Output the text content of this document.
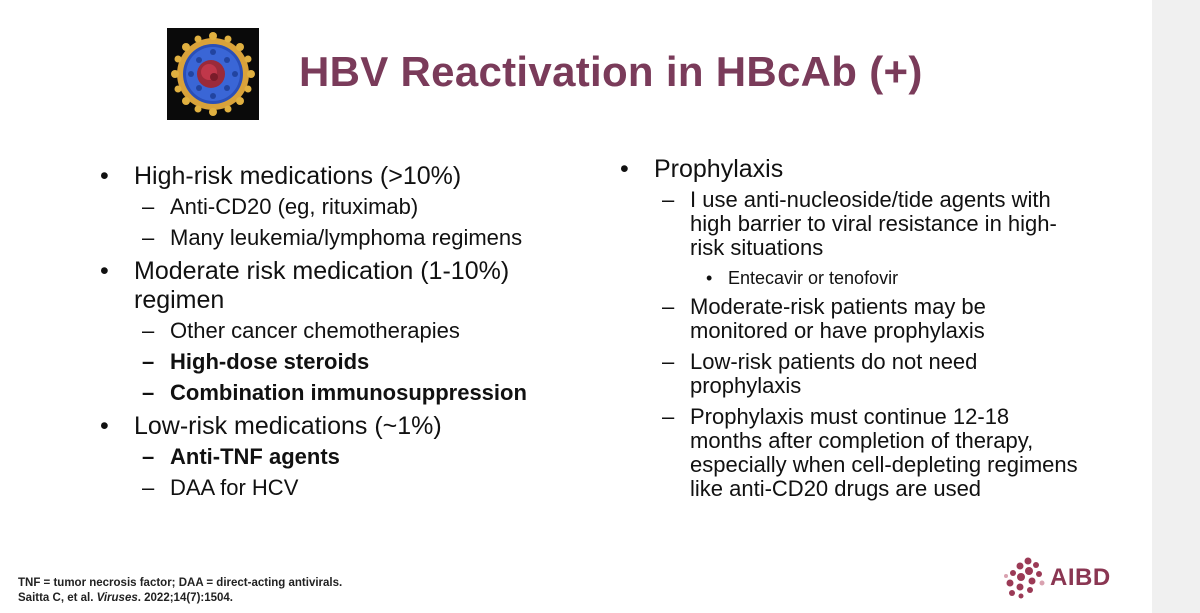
HBV Reactivation in HBcAb (+)
• High-risk medications (>10%)
– Anti-CD20 (eg, rituximab)
– Many leukemia/lymphoma regimens
• Moderate risk medication (1-10%) regimen
– Other cancer chemotherapies
– High-dose steroids
– Combination immunosuppression
• Low-risk medications (~1%)
– Anti-TNF agents
– DAA for HCV
• Prophylaxis
– I use anti-nucleoside/tide agents with high barrier to viral resistance in high-risk situations
• Entecavir or tenofovir
– Moderate-risk patients may be monitored or have prophylaxis
– Low-risk patients do not need prophylaxis
– Prophylaxis must continue 12-18 months after completion of therapy, especially when cell-depleting regimens like anti-CD20 drugs are used
TNF = tumor necrosis factor; DAA = direct-acting antivirals.
Saitta C, et al. Viruses. 2022;14(7):1504.
AIBD
